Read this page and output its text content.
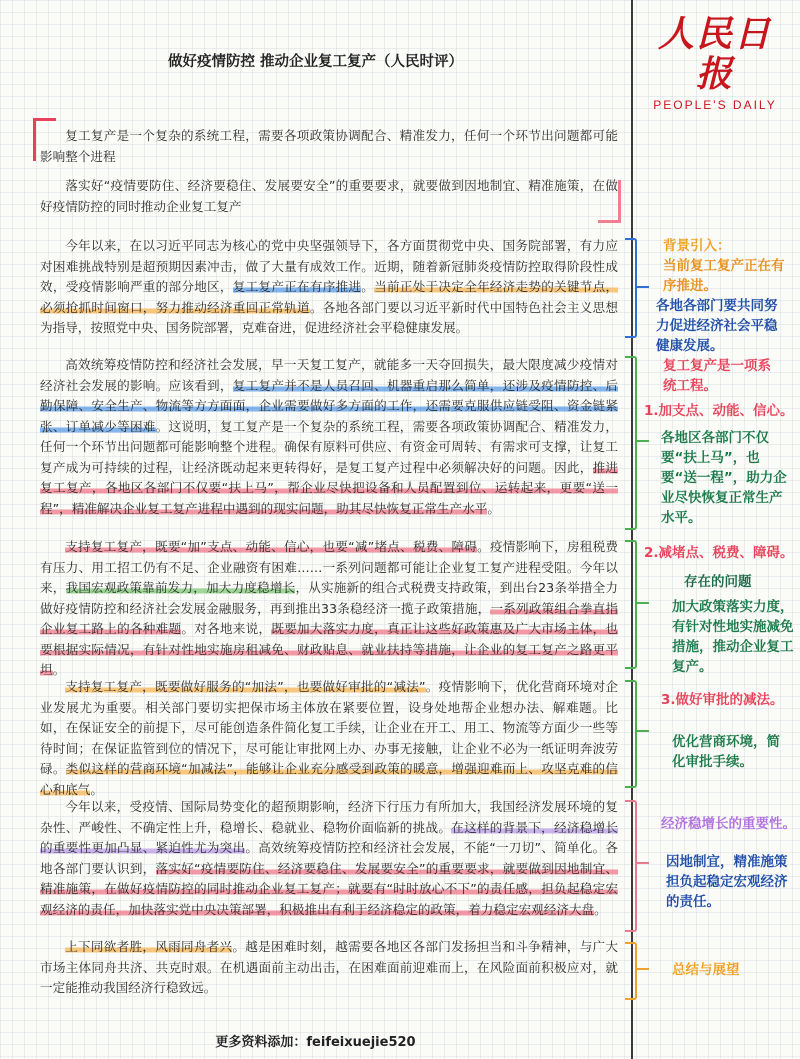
人民日报
PEOPLE'S DAILY
做好疫情防控 推动企业复工复产（人民时评）

复工复产是一个复杂的系统工程，需要各项政策协调配合、精准发力，任何一个环节出问题都可能影响整个进程

落实好“疫情要防住、经济要稳住、发展要安全”的重要要求，就要做到因地制宜、精准施策，在做好疫情防控的同时推动企业复工复产

今年以来，在以习近平同志为核心的党中央坚强领导下，各方面贯彻党中央、国务院部署，有力应对困难挑战特别是超预期因素冲击，做了大量有成效工作。近期，随着新冠肺炎疫情防控取得阶段性成效，受疫情影响严重的部分地区，复工复产正在有序推进。当前正处于决定全年经济走势的关键节点，必须抢抓时间窗口，努力推动经济重回正常轨道。各地各部门要以习近平新时代中国特色社会主义思想为指导，按照党中央、国务院部署，克难奋进，促进经济社会平稳健康发展。

高效统筹疫情防控和经济社会发展，早一天复工复产，就能多一天夺回损失，最大限度减少疫情对经济社会发展的影响。应该看到，复工复产并不是人员召回、机器重启那么简单，还涉及疫情防控、后勤保障、安全生产、物流等方方面面，企业需要做好多方面的工作，还需要克服供应链受阻、资金链紧张、订单减少等困难。这说明，复工复产是一个复杂的系统工程，需要各项政策协调配合、精准发力，任何一个环节出问题都可能影响整个进程。确保有原料可供应、有资金可周转、有需求可支撑，让复工复产成为可持续的过程，让经济既动起来更转得好，是复工复产过程中必须解决好的问题。因此，推进复工复产，各地区各部门不仅要“扶上马”，帮企业尽快把设备和人员配置到位、运转起来，更要“送一程”，精准解决企业复工复产进程中遇到的现实问题，助其尽快恢复正常生产水平。

支持复工复产，既要“加”支点、动能、信心，也要“减”堵点、税费、障碍。疫情影响下，房租税费有压力、用工招工仍有不足、企业融资有困难……一系列问题都可能让企业复工复产进程受阻。今年以来，我国宏观政策靠前发力，加大力度稳增长，从实施新的组合式税费支持政策，到出台23条举措全力做好疫情防控和经济社会发展金融服务，再到推出33条稳经济一揽子政策措施，一系列政策组合拳直指企业复工路上的各种难题。对各地来说，既要加大落实力度，真正让这些好政策惠及广大市场主体，也要根据实际情况，有针对性地实施房租减免、财政贴息、就业扶持等措施，让企业的复工复产之路更平坦。

支持复工复产，既要做好服务的“加法”，也要做好审批的“减法”。疫情影响下，优化营商环境对企业发展尤为重要。相关部门要切实把保市场主体放在紧要位置，设身处地帮企业想办法、解难题。比如，在保证安全的前提下，尽可能创造条件简化复工手续，让企业在开工、用工、物流等方面少一些等待时间；在保证监管到位的情况下，尽可能让审批网上办、办事无接触，让企业不必为一纸证明奔波劳碌。类似这样的营商环境“加减法”，能够让企业充分感受到政策的暖意，增强迎难而上、攻坚克难的信心和底气。

今年以来，受疫情、国际局势变化的超预期影响，经济下行压力有所加大，我国经济发展环境的复杂性、严峻性、不确定性上升，稳增长、稳就业、稳物价面临新的挑战。在这样的背景下，经济稳增长的重要性更加凸显、紧迫性尤为突出。高效统筹疫情防控和经济社会发展，不能“一刀切”、简单化。各地各部门要认识到，落实好“疫情要防住、经济要稳住、发展要安全”的重要要求，就要做到因地制宜、精准施策，在做好疫情防控的同时推动企业复工复产；就要有“时时放心不下”的责任感，担负起稳定宏观经济的责任，加快落实党中央决策部署，积极推出有利于经济稳定的政策，着力稳定宏观经济大盘。

上下同欲者胜，风雨同舟者兴。越是困难时刻，越需要各地区各部门发扬担当和斗争精神，与广大市场主体同舟共济、共克时艰。在机遇面前主动出击，在困难面前迎难而上，在风险面前积极应对，就一定能推动我国经济行稳致远。

背景引入：
当前复工复产正在有序推进。
各地各部门要共同努力促进经济社会平稳健康发展。
复工复产是一项系统工程。
1.加支点、动能、信心。
各地区各部门不仅要“扶上马”，也要“送一程”，助力企业尽快恢复正常生产水平。
2.减堵点、税费、障碍。
存在的问题
加大政策落实力度，有针对性地实施减免措施，推动企业复工复产。
3.做好审批的减法。
优化营商环境，简化审批手续。
经济稳增长的重要性。
因地制宜，精准施策担负起稳定宏观经济的责任。
总结与展望
更多资料添加：feifeixuejie520
